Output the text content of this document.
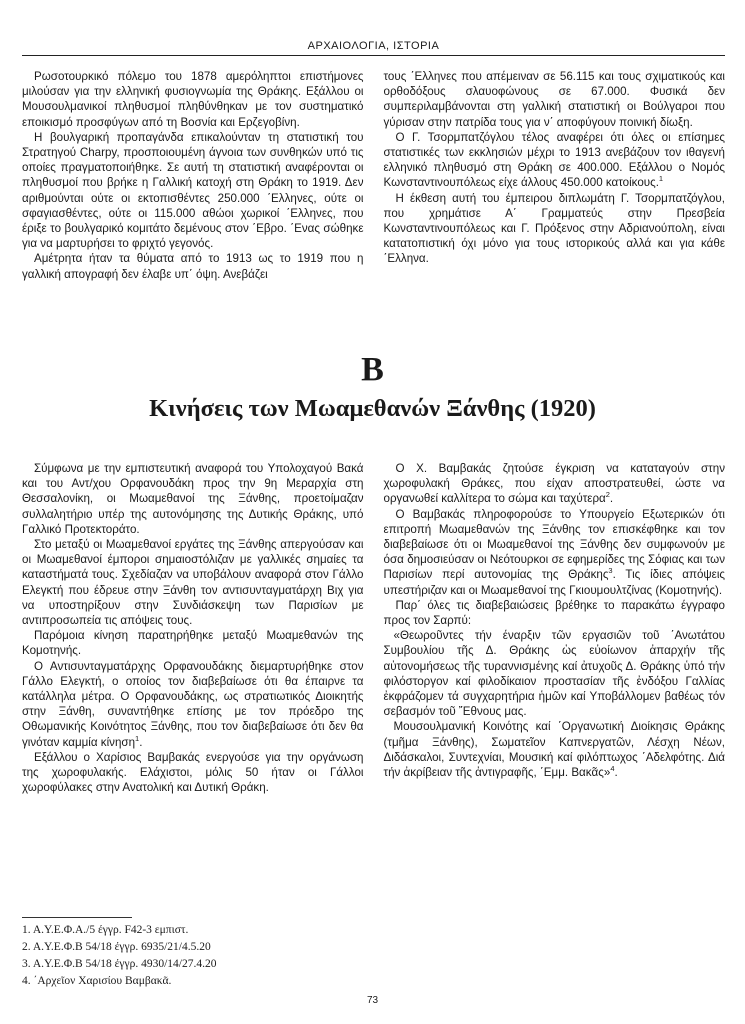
ΑΡΧΑΙΟΛΟΓΙΑ, ΙΣΤΟΡΙΑ

Ρωσοτουρκικό πόλεμο του 1878 αμερόληπτοι επιστήμονες μιλούσαν για την ελληνική φυσιογνωμία της Θράκης. Εξάλλου οι Μουσουλμανικοί πληθυσμοί πληθύνθηκαν με τον συστηματικό εποικισμό προσφύγων από τη Βοσνία και Ερζεγοβίνη.

Η βουλγαρική προπαγάνδα επικαλούνταν τη στατιστική του Στρατηγού Charpy, προσποιουμένη άγνοια των συνθηκών υπό τις οποίες πραγματοποιήθηκε. Σε αυτή τη στατιστική αναφέρονται οι πληθυσμοί που βρήκε η Γαλλική κατοχή στη Θράκη το 1919. Δεν αριθμούνται ούτε οι εκτοπισθέντες 250.000 ΄Ελληνες, ούτε οι σφαγιασθέντες, ούτε οι 115.000 αθώοι χωρικοί ΄Ελληνες, που έριξε το βουλγαρικό κομιτάτο δεμένους στον ΄Εβρο. ΄Ενας σώθηκε για να μαρτυρήσει το φριχτό γεγονός.

Αμέτρητα ήταν τα θύματα από το 1913 ως το 1919 που η γαλλική απογραφή δεν έλαβε υπ΄ όψη. Ανεβάζει

τους ΄Ελληνες που απέμειναν σε 56.115 και τους σχιματικούς και ορθοδόξους σλαυοφώνους σε 67.000. Φυσικά δεν συμπεριλαμβάνονται στη γαλλική στατιστική οι Βούλγαροι που γύρισαν στην πατρίδα τους για ν΄ αποφύγουν ποινική δίωξη.

Ο Γ. Τσορμπατζόγλου τέλος αναφέρει ότι όλες οι επίσημες στατιστικές των εκκλησιών μέχρι το 1913 ανεβάζουν τον ιθαγενή ελληνικό πληθυσμό στη Θράκη σε 400.000. Εξάλλου ο Νομός Κωνσταντινουπόλεως είχε άλλους 450.000 κατοίκους.$^1$

Η έκθεση αυτή του έμπειρου διπλωμάτη Γ. Τσορμπατζόγλου, που χρημάτισε Α΄ Γραμματεύς στην Πρεσβεία Κωνσταντινουπόλεως και Γ. Πρόξενος στην Αδριανούπολη, είναι κατατοπιστική όχι μόνο για τους ιστορικούς αλλά και για κάθε ΄Ελληνα.

Β
Κινήσεις των Μωαμεθανών Ξάνθης (1920)

Σύμφωνα με την εμπιστευτική αναφορά του Υπολοχαγού Βακά και του Αντ/χου Ορφανουδάκη προς την 9η Μεραρχία στη Θεσσαλονίκη, οι Μωαμεθανοί της Ξάνθης, προετοίμαζαν συλλαλητήριο υπέρ της αυτονόμησης της Δυτικής Θράκης, υπό Γαλλικό Προτεκτοράτο.

Στο μεταξύ οι Μωαμεθανοί εργάτες της Ξάνθης απεργούσαν και οι Μωαμεθανοί έμποροι σημαιοστόλιζαν με γαλλικές σημαίες τα καταστήματά τους. Σχεδίαζαν να υποβάλουν αναφορά στον Γάλλο Ελεγκτή που έδρευε στην Ξάνθη τον αντισυνταγματάρχη Βιχ για να υποστηρίξουν στην Συνδιάσκεψη των Παρισίων με αντιπροσωπεία τις απόψεις τους.

Παρόμοια κίνηση παρατηρήθηκε μεταξύ Μωαμεθανών της Κομοτηνής.

Ο Αντισυνταγματάρχης Ορφανουδάκης διεμαρτυρήθηκε στον Γάλλο Ελεγκτή, ο οποίος τον διαβεβαίωσε ότι θα έπαιρνε τα κατάλληλα μέτρα. Ο Ορφανουδάκης, ως στρατιωτικός Διοικητής στην Ξάνθη, συναντήθηκε επίσης με τον πρόεδρο της Οθωμανικής Κοινότητος Ξάνθης, που τον διαβεβαίωσε ότι δεν θα γινόταν καμμία κίνηση$^1$.

Εξάλλου ο Χαρίσιος Βαμβακάς ενεργούσε για την οργάνωση της χωροφυλακής. Ελάχιστοι, μόλις 50 ήταν οι Γάλλοι χωροφύλακες στην Ανατολική και Δυτική Θράκη.

Ο Χ. Βαμβακάς ζητούσε έγκριση να καταταγούν στην χωροφυλακή Θράκες, που είχαν αποστρατευθεί, ώστε να οργανωθεί καλλίτερα το σώμα και ταχύτερα$^2$.

Ο Βαμβακάς πληροφορούσε το Υπουργείο Εξωτερικών ότι επιτροπή Μωαμεθανών της Ξάνθης τον επισκέφθηκε και τον διαβεβαίωσε ότι οι Μωαμεθανοί της Ξάνθης δεν συμφωνούν με όσα δημοσιεύσαν οι Νεότουρκοι σε εφημερίδες της Σόφιας και των Παρισίων περί αυτονομίας της Θράκης$^3$. Τις ίδιες απόψεις υπεστήριζαν και οι Μωαμεθανοί της Γκιουμουλτζίνας (Κομοτηνής).

Παρ΄ όλες τις διαβεβαιώσεις βρέθηκε το παρακάτω έγγραφο προς τον Σαρπύ:

«Θεωροῦντες τήν έναρξιν τῶν εργασιῶν τοῦ ΄Ανωτάτου Συμβουλίου τῆς Δ. Θράκης ὡς εὐοίωνον ἀπαρχήν τῆς αὐτονομήσεως τῆς τυραννισμένης καί ἀτυχοῦς Δ. Θράκης ὑπό τήν φιλόστοργον καί φιλοδίκαιον προστασίαν τῆς ἐνδόξου Γαλλίας ἐκφράζομεν τά συγχαρητήρια ἡμῶν καί Υποβάλλομεν βαθέως τόν σεβασμόν τοῦ ῎Εθνους μας.

Μουσουλμανική Κοινότης καί ΄Οργανωτική Διοίκησις Θράκης (τμῆμα Ξάνθης), Σωματεῖον Καπνεργατῶν, Λέσχη Νέων, Διδάσκαλοι, Συντεχνίαι, Μουσική καί φιλόπτωχος ΄Αδελφότης. Διά τήν ἀκρίβειαν τῆς ἀντιγραφῆς, ΄Εμμ. Βακᾶς»$^4$.

1. Α.Υ.Ε.Φ.Α./5 έγγρ. F42-3 εμπιστ.
2. Α.Υ.Ε.Φ.Β 54/18 έγγρ. 6935/21/4.5.20
3. Α.Υ.Ε.Φ.Β 54/18 έγγρ. 4930/14/27.4.20
4. ΄Αρχεῖον Χαρισίου Βαμβακᾶ.
73
